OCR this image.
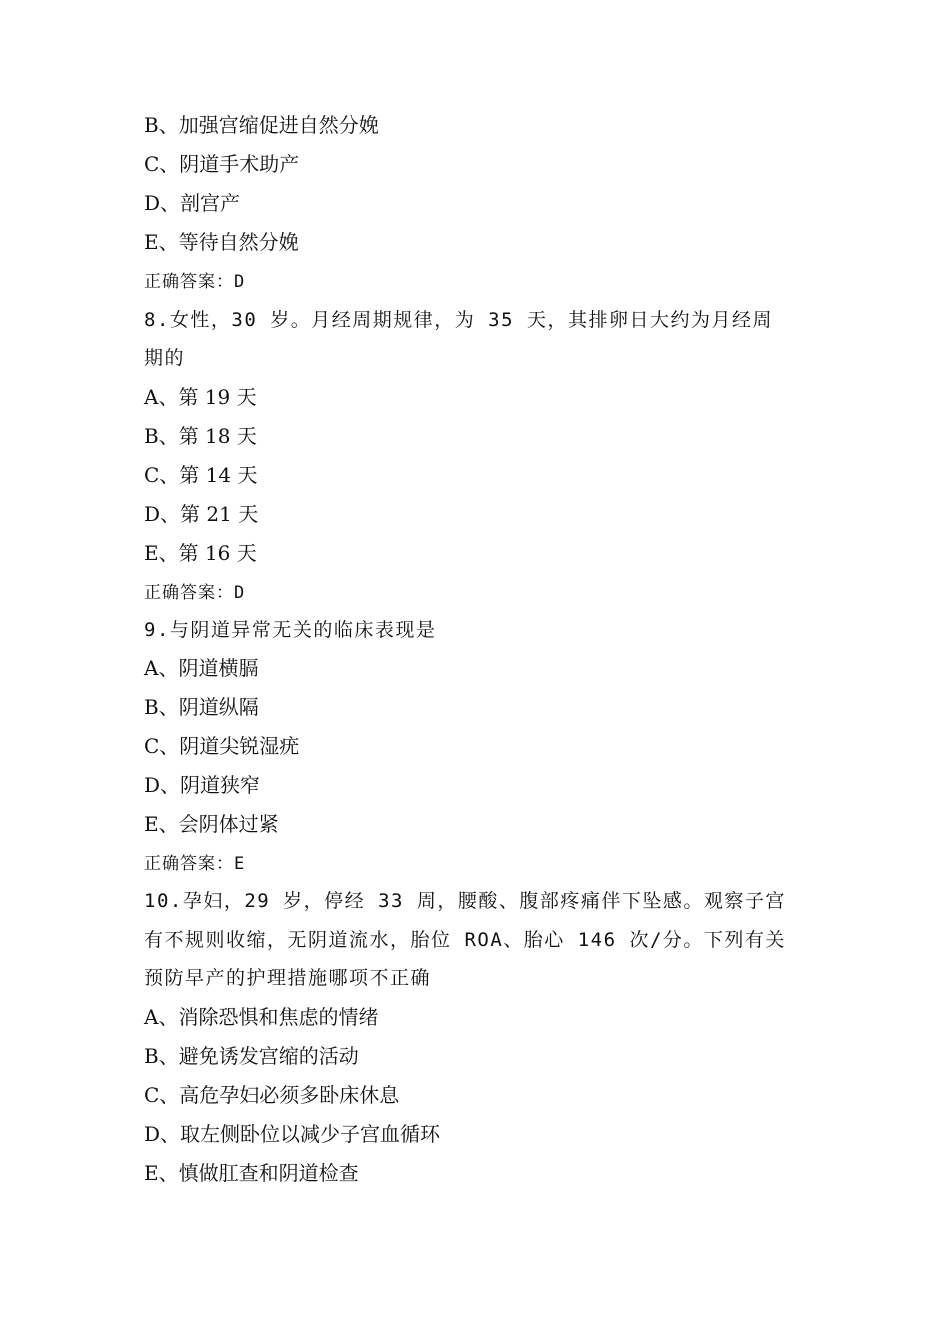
B、加强宫缩促进自然分娩
C、阴道手术助产
D、剖宫产
E、等待自然分娩
正确答案：D
8.女性，30 岁。月经周期规律，为 35 天，其排卵日大约为月经周
期的
A、第 19 天
B、第 18 天
C、第 14 天
D、第 21 天
E、第 16 天
正确答案：D
9.与阴道异常无关的临床表现是
A、阴道横膈
B、阴道纵隔
C、阴道尖锐湿疣
D、阴道狭窄
E、会阴体过紧
正确答案：E
10.孕妇，29 岁，停经 33 周，腰酸、腹部疼痛伴下坠感。观察子宫
有不规则收缩，无阴道流水，胎位 ROA、胎心 146 次/分。下列有关
预防早产的护理措施哪项不正确
A、消除恐惧和焦虑的情绪
B、避免诱发宫缩的活动
C、高危孕妇必须多卧床休息
D、取左侧卧位以减少子宫血循环
E、慎做肛查和阴道检查
